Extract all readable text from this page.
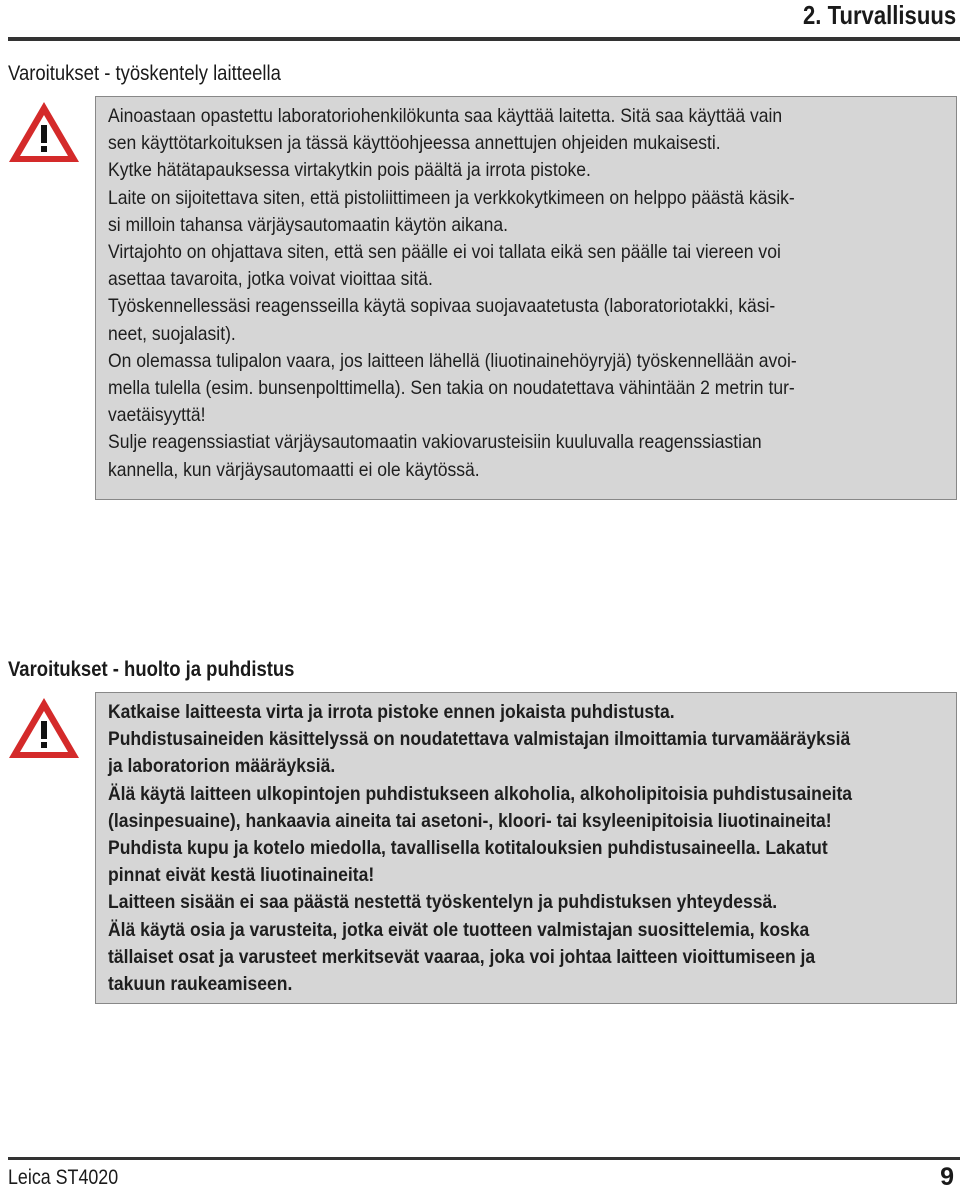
2. Turvallisuus
Varoitukset - työskentely laitteella
Ainoastaan opastettu laboratoriohenkilökunta saa käyttää laitetta. Sitä saa käyttää vain
sen käyttötarkoituksen ja tässä käyttöohjeessa annettujen ohjeiden mukaisesti.
Kytke hätätapauksessa virtakytkin pois päältä ja irrota pistoke.
Laite on sijoitettava siten, että pistoliittimeen ja verkkokytkimeen on helppo päästä käsik-
si milloin tahansa värjäysautomaatin käytön aikana.
Virtajohto on ohjattava siten, että sen päälle ei voi tallata eikä sen päälle tai viereen voi
asettaa tavaroita, jotka voivat vioittaa sitä.
Työskennellessäsi reagensseilla käytä sopivaa suojavaatetusta (laboratoriotakki, käsi-
neet, suojalasit).
On olemassa tulipalon vaara, jos laitteen lähellä (liuotinainehöyryjä) työskennellään avoi-
mella tulella (esim. bunsenpolttimella). Sen takia on noudatettava vähintään 2 metrin tur-
vaetäisyyttä!
Sulje reagenssiastiat värjäysautomaatin vakiovarusteisiin kuuluvalla reagenssiastian
kannella, kun värjäysautomaatti ei ole käytössä.
Varoitukset - huolto ja puhdistus
Katkaise laitteesta virta ja irrota pistoke ennen jokaista puhdistusta.
Puhdistusaineiden käsittelyssä on noudatettava valmistajan ilmoittamia turvamääräyksiä
ja laboratorion määräyksiä.
Älä käytä laitteen ulkopintojen puhdistukseen alkoholia, alkoholipitoisia puhdistusaineita
(lasinpesuaine), hankaavia aineita tai asetoni-, kloori- tai ksyleenipitoisia liuotinaineita!
Puhdista kupu ja kotelo miedolla, tavallisella kotitalouksien puhdistusaineella. Lakatut
pinnat eivät kestä liuotinaineita!
Laitteen sisään ei saa päästä nestettä työskentelyn ja puhdistuksen yhteydessä.
Älä käytä osia ja varusteita, jotka eivät ole tuotteen valmistajan suosittelemia, koska
tällaiset osat ja varusteet merkitsevät vaaraa, joka voi johtaa laitteen vioittumiseen ja
takuun raukeamiseen.
Leica ST4020	9
